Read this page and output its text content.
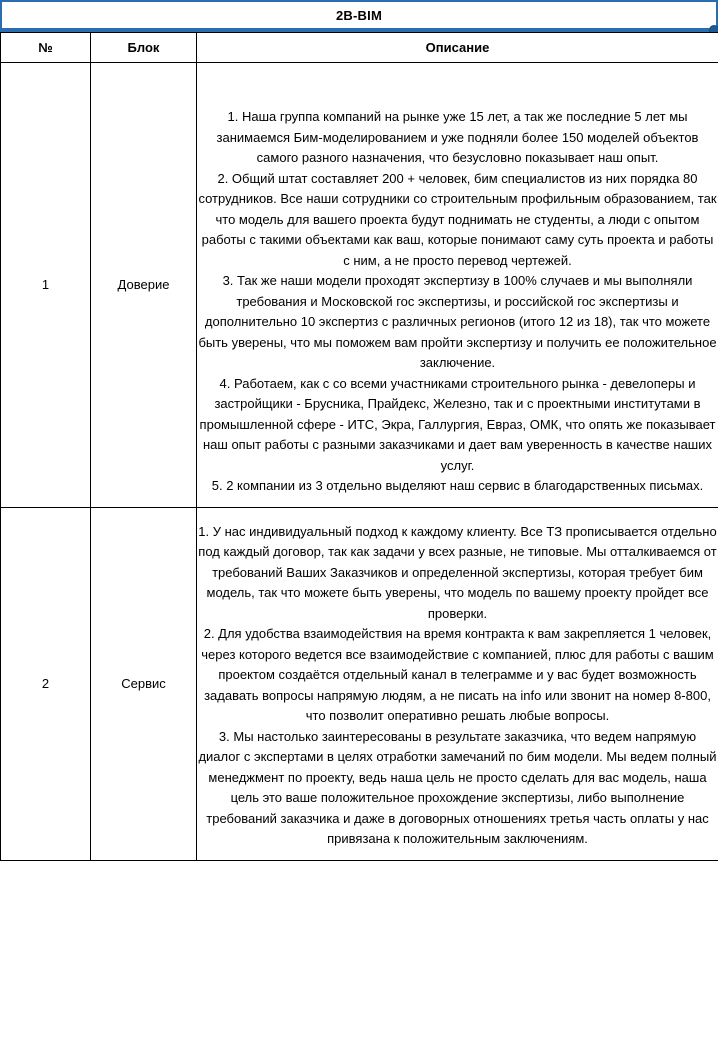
2B-BIM
№	Блок	Описание
1	Доверие	1. Наша группа компаний на рынке уже 15 лет, а так же последние 5 лет мы занимаемся Бим-моделированием и уже подняли более 150 моделей объектов самого разного назначения, что безусловно показывает наш опыт.

2. Общий штат составляет 200 + человек, бим специалистов из них порядка 80 сотрудников. Все наши сотрудники со строительным профильным образованием, так что модель для вашего проекта будут поднимать не студенты, а люди с опытом работы с такими объектами как ваш, которые понимают саму суть проекта и работы с ним, а не просто перевод чертежей.

3. Так же наши модели проходят экспертизу в 100% случаев и мы выполняли требования и Московской гос экспертизы, и российской гос экспертизы и дополнительно 10 экспертиз с различных регионов (итого 12 из 18), так что можете быть уверены, что мы поможем вам пройти экспертизу и получить ее положительное заключение.

4. Работаем, как с со всеми участниками строительного рынка - девелоперы и застройщики - Брусника, Прайдекс, Железно, так и с проектными институтами в промышленной сфере - ИТС, Экра, Галлургия, Евраз, ОМК, что опять же показывает наш опыт работы с разными заказчиками и дает вам уверенность в качестве наших услуг.

5. 2 компании из 3 отдельно выделяют наш сервис в благодарственных письмах.

2	Сервис	1. У нас индивидуальный подход к каждому клиенту. Все ТЗ прописывается отдельно под каждый договор, так как задачи у всех разные, не типовые. Мы отталкиваемся от требований Ваших Заказчиков и определенной экспертизы, которая требует бим модель, так что можете быть уверены, что модель по вашему проекту пройдет все проверки.

2. Для удобства взаимодействия на время контракта к вам закрепляется 1 человек, через которого ведется все взаимодействие с компанией, плюс для работы с вашим проектом создаётся отдельный канал в телеграмме и у вас будет возможность задавать вопросы напрямую людям, а не писать на info или звонит на номер 8-800, что позволит оперативно решать любые вопросы.

3. Мы настолько заинтересованы в результате заказчика, что ведем напрямую диалог с экспертами в целях отработки замечаний по бим модели. Мы ведем полный менеджмент по проекту, ведь наша цель не просто сделать для вас модель, наша цель это ваше положительное прохождение экспертизы, либо выполнение требований заказчика и даже в договорных отношениях третья часть оплаты у нас привязана к положительным заключениям.
